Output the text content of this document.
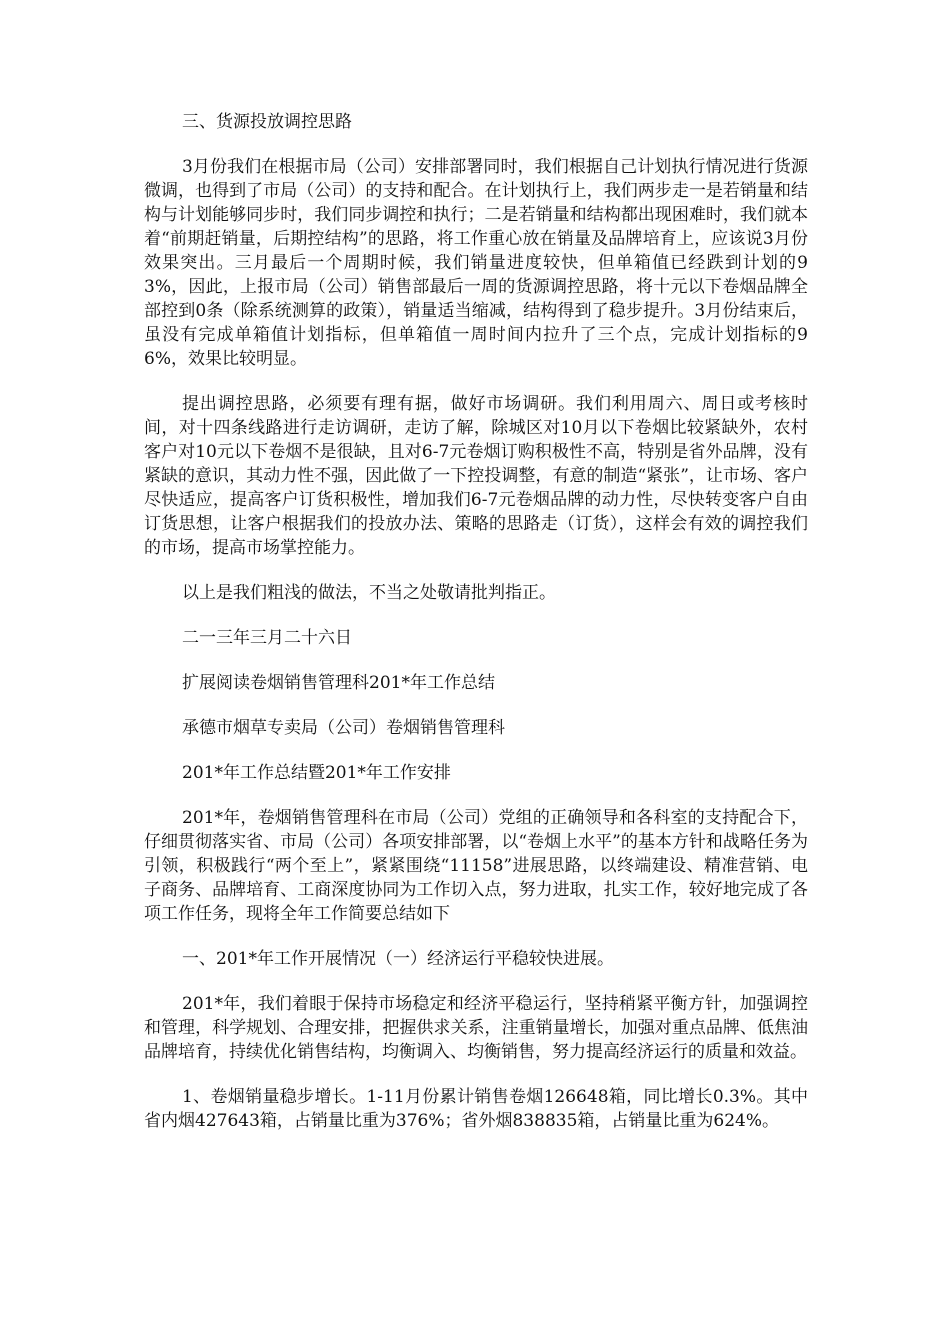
三、货源投放调控思路

3月份我们在根据市局（公司）安排部署同时，我们根据自己计划执行情况进行货源微调，也得到了市局（公司）的支持和配合。在计划执行上，我们两步走一是若销量和结构与计划能够同步时，我们同步调控和执行；二是若销量和结构都出现困难时，我们就本着“前期赶销量，后期控结构”的思路，将工作重心放在销量及品牌培育上，应该说3月份效果突出。三月最后一个周期时候，我们销量进度较快，但单箱值已经跌到计划的93%，因此，上报市局（公司）销售部最后一周的货源调控思路，将十元以下卷烟品牌全部控到0条（除系统测算的政策），销量适当缩减，结构得到了稳步提升。3月份结束后，虽没有完成单箱值计划指标，但单箱值一周时间内拉升了三个点，完成计划指标的96%，效果比较明显。

提出调控思路，必须要有理有据，做好市场调研。我们利用周六、周日或考核时间，对十四条线路进行走访调研，走访了解，除城区对10月以下卷烟比较紧缺外，农村客户对10元以下卷烟不是很缺，且对6-7元卷烟订购积极性不高，特别是省外品牌，没有紧缺的意识，其动力性不强，因此做了一下控投调整，有意的制造“紧张”，让市场、客户尽快适应，提高客户订货积极性，增加我们6-7元卷烟品牌的动力性，尽快转变客户自由订货思想，让客户根据我们的投放办法、策略的思路走（订货），这样会有效的调控我们的市场，提高市场掌控能力。

以上是我们粗浅的做法，不当之处敬请批判指正。

二一三年三月二十六日

扩展阅读卷烟销售管理科201*年工作总结

承德市烟草专卖局（公司）卷烟销售管理科

201*年工作总结暨201*年工作安排

201*年，卷烟销售管理科在市局（公司）党组的正确领导和各科室的支持配合下，仔细贯彻落实省、市局（公司）各项安排部署，以“卷烟上水平”的基本方针和战略任务为引领，积极践行“两个至上”，紧紧围绕“11158”进展思路，以终端建设、精准营销、电子商务、品牌培育、工商深度协同为工作切入点，努力进取，扎实工作，较好地完成了各项工作任务，现将全年工作简要总结如下

一、201*年工作开展情况（一）经济运行平稳较快进展。

201*年，我们着眼于保持市场稳定和经济平稳运行，坚持稍紧平衡方针，加强调控和管理，科学规划、合理安排，把握供求关系，注重销量增长，加强对重点品牌、低焦油品牌培育，持续优化销售结构，均衡调入、均衡销售，努力提高经济运行的质量和效益。

1、卷烟销量稳步增长。1-11月份累计销售卷烟126648箱，同比增长0.3%。其中省内烟427643箱，占销量比重为376%；省外烟838835箱，占销量比重为624%。
